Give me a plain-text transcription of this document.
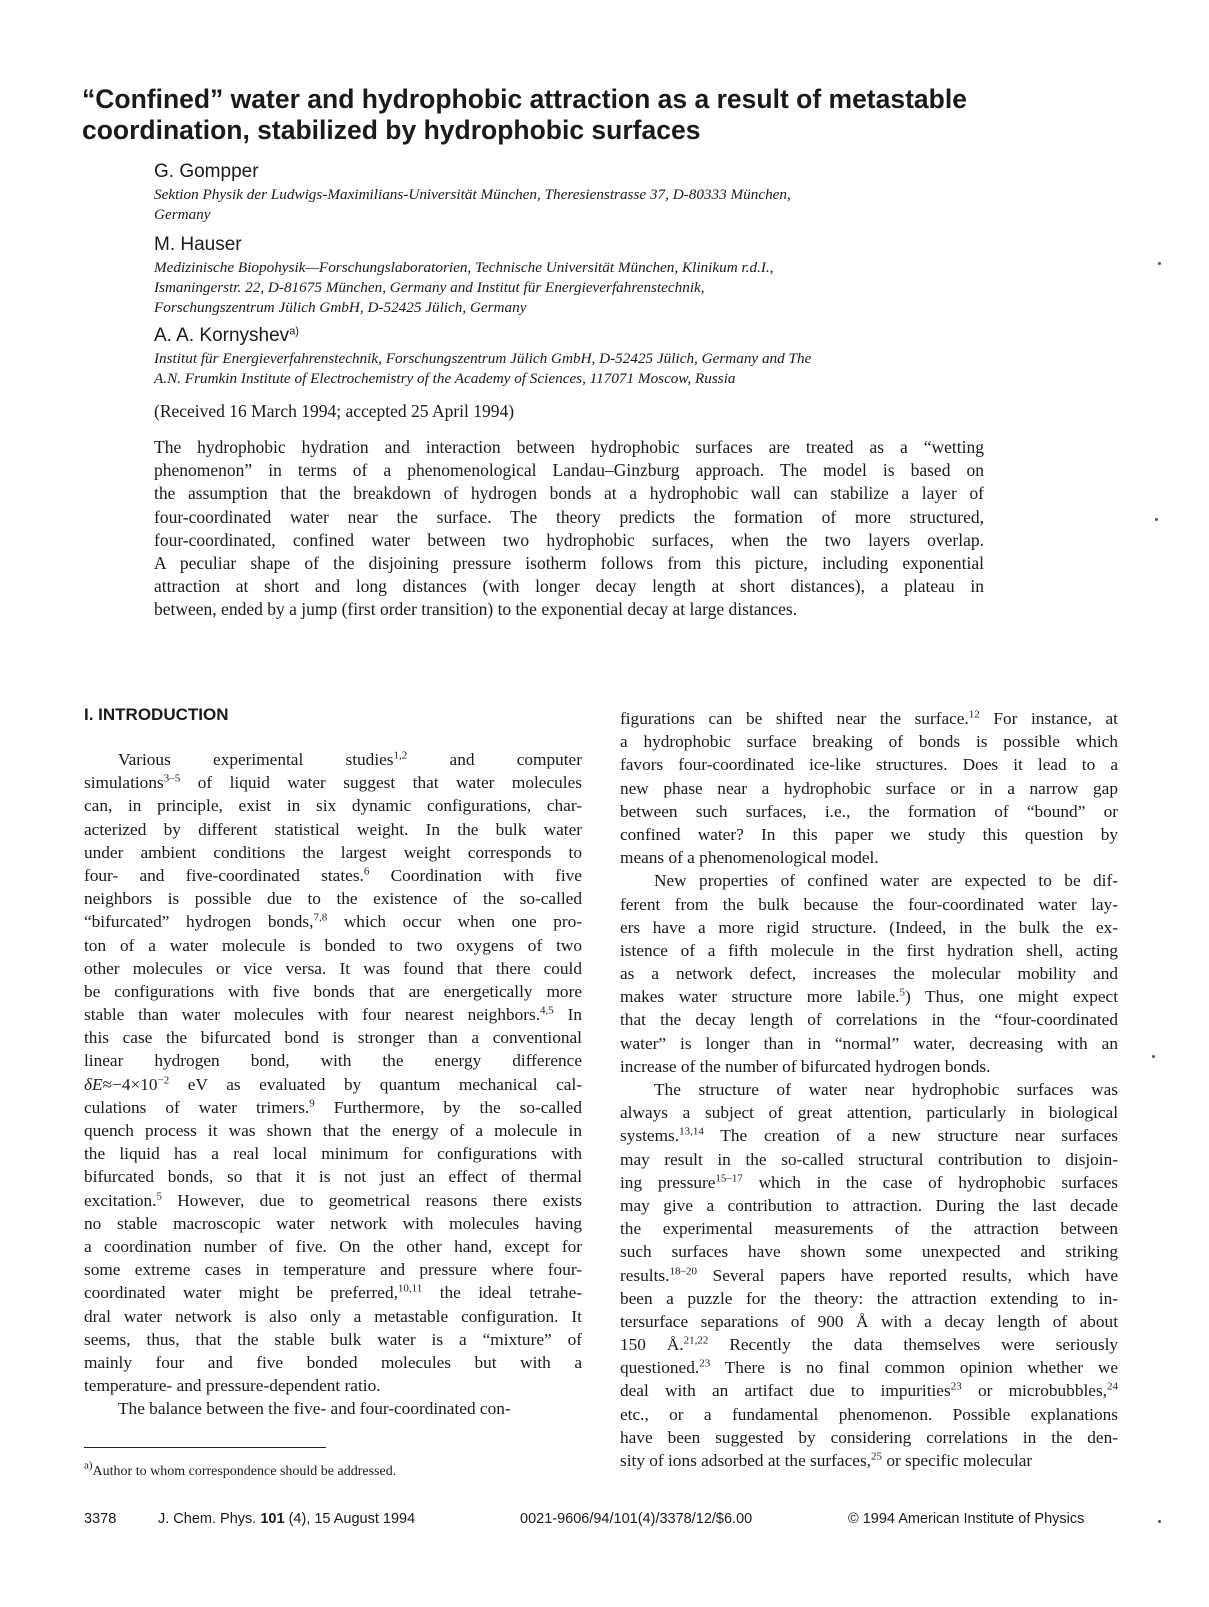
“Confined” water and hydrophobic attraction as a result of metastable coordination, stabilized by hydrophobic surfaces
G. Gompper
Sektion Physik der Ludwigs-Maximilians-Universität München, Theresienstrasse 37, D-80333 München,
Germany
M. Hauser
Medizinische Biopohysik—Forschungslaboratorien, Technische Universität München, Klinikum r.d.I.,
Ismaningerstr. 22, D-81675 München, Germany and Institut für Energieverfahrenstechnik,
Forschungszentrum Jülich GmbH, D-52425 Jülich, Germany
A. A. Kornyshev$^{a)}$
Institut für Energieverfahrenstechnik, Forschungszentrum Jülich GmbH, D-52425 Jülich, Germany and The
A.N. Frumkin Institute of Electrochemistry of the Academy of Sciences, 117071 Moscow, Russia
(Received 16 March 1994; accepted 25 April 1994)
The hydrophobic hydration and interaction between hydrophobic surfaces are treated as a “wetting
phenomenon” in terms of a phenomenological Landau–Ginzburg approach. The model is based on
the assumption that the breakdown of hydrogen bonds at a hydrophobic wall can stabilize a layer of
four-coordinated water near the surface. The theory predicts the formation of more structured,
four-coordinated, confined water between two hydrophobic surfaces, when the two layers overlap.
A peculiar shape of the disjoining pressure isotherm follows from this picture, including exponential
attraction at short and long distances (with longer decay length at short distances), a plateau in
between, ended by a jump (first order transition) to the exponential decay at large distances.
I. INTRODUCTION
Various experimental studies$^{1,2}$ and computer
simulations$^{3-5}$ of liquid water suggest that water molecules
can, in principle, exist in six dynamic configurations, char-
acterized by different statistical weight. In the bulk water
under ambient conditions the largest weight corresponds to
four- and five-coordinated states.$^6$ Coordination with five
neighbors is possible due to the existence of the so-called
“bifurcated” hydrogen bonds,$^{7,8}$ which occur when one pro-
ton of a water molecule is bonded to two oxygens of two
other molecules or vice versa. It was found that there could
be configurations with five bonds that are energetically more
stable than water molecules with four nearest neighbors.$^{4,5}$ In
this case the bifurcated bond is stronger than a conventional
linear hydrogen bond, with the energy difference
$\delta E\approx-4\times 10^{-2}$ eV as evaluated by quantum mechanical cal-
culations of water trimers.$^9$ Furthermore, by the so-called
quench process it was shown that the energy of a molecule in
the liquid has a real local minimum for configurations with
bifurcated bonds, so that it is not just an effect of thermal
excitation.$^5$ However, due to geometrical reasons there exists
no stable macroscopic water network with molecules having
a coordination number of five. On the other hand, except for
some extreme cases in temperature and pressure where four-
coordinated water might be preferred,$^{10,11}$ the ideal tetrahe-
dral water network is also only a metastable configuration. It
seems, thus, that the stable bulk water is a “mixture” of
mainly four and five bonded molecules but with a
temperature- and pressure-dependent ratio.
The balance between the five- and four-coordinated con-
figurations can be shifted near the surface.$^{12}$ For instance, at
a hydrophobic surface breaking of bonds is possible which
favors four-coordinated ice-like structures. Does it lead to a
new phase near a hydrophobic surface or in a narrow gap
between such surfaces, i.e., the formation of “bound” or
confined water? In this paper we study this question by
means of a phenomenological model.
New properties of confined water are expected to be dif-
ferent from the bulk because the four-coordinated water lay-
ers have a more rigid structure. (Indeed, in the bulk the ex-
istence of a fifth molecule in the first hydration shell, acting
as a network defect, increases the molecular mobility and
makes water structure more labile.$^5$) Thus, one might expect
that the decay length of correlations in the “four-coordinated
water” is longer than in “normal” water, decreasing with an
increase of the number of bifurcated hydrogen bonds.
The structure of water near hydrophobic surfaces was
always a subject of great attention, particularly in biological
systems.$^{13,14}$ The creation of a new structure near surfaces
may result in the so-called structural contribution to disjoin-
ing pressure$^{15-17}$ which in the case of hydrophobic surfaces
may give a contribution to attraction. During the last decade
the experimental measurements of the attraction between
such surfaces have shown some unexpected and striking
results.$^{18-20}$ Several papers have reported results, which have
been a puzzle for the theory: the attraction extending to in-
tersurface separations of 900 Å with a decay length of about
150 Å.$^{21,22}$ Recently the data themselves were seriously
questioned.$^{23}$ There is no final common opinion whether we
deal with an artifact due to impurities$^{23}$ or microbubbles,$^{24}$
etc., or a fundamental phenomenon. Possible explanations
have been suggested by considering correlations in the den-
sity of ions adsorbed at the surfaces,$^{25}$ or specific molecular
$^{a)}$Author to whom correspondence should be addressed.
3378	J. Chem. Phys. 101 (4), 15 August 1994	0021-9606/94/101(4)/3378/12/$6.00	© 1994 American Institute of Physics
